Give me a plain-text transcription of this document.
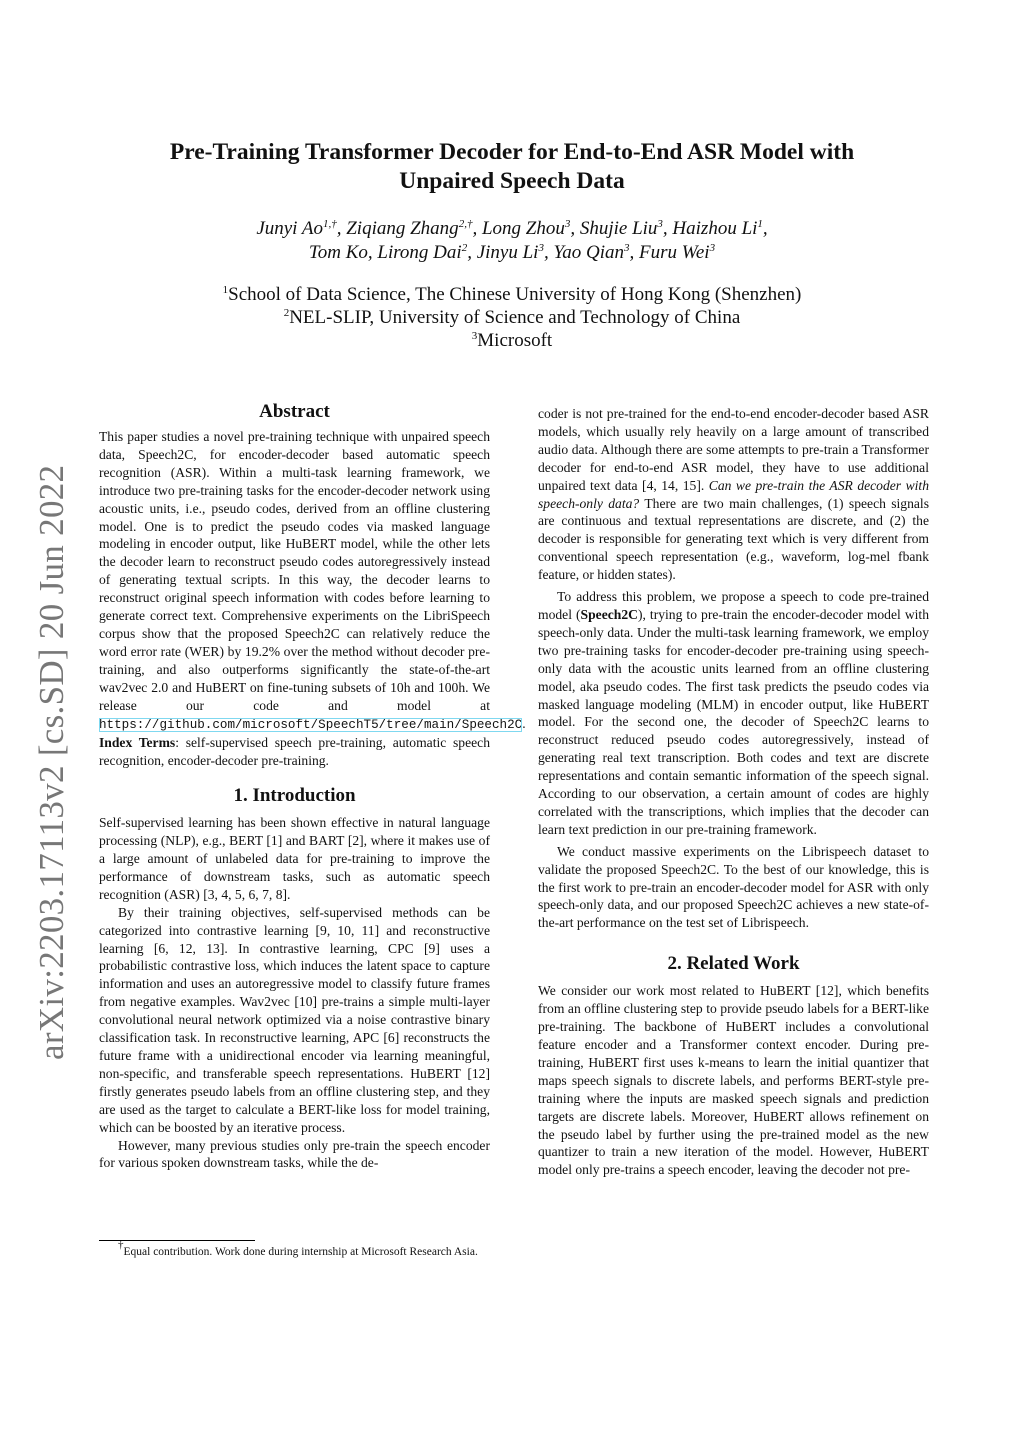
arXiv:2203.17113v2 [cs.SD] 20 Jun 2022
Pre-Training Transformer Decoder for End-to-End ASR Model with
Unpaired Speech Data
Junyi $Ao^{1,\dagger}$, Ziqiang Zhang$^{2,\dagger}$, Long Zhou$^3$, Shujie Liu$^3$, Haizhou Li$^1$,
Tom Ko, Lirong Dai$^2$, Jinyu Li$^3$, Yao Qian$^3$, Furu Wei$^3$
$^1$School of Data Science, The Chinese University of Hong Kong (Shenzhen)
$^2$NEL-SLIP, University of Science and Technology of China
$^3$Microsoft
Abstract

This paper studies a novel pre-training technique with unpaired speech data, Speech2C, for encoder-decoder based automatic speech recognition (ASR). Within a multi-task learning framework, we introduce two pre-training tasks for the encoder-decoder network using acoustic units, i.e., pseudo codes, derived from an offline clustering model. One is to predict the pseudo codes via masked language modeling in encoder output, like HuBERT model, while the other lets the decoder learn to reconstruct pseudo codes autoregressively instead of generating textual scripts. In this way, the decoder learns to reconstruct original speech information with codes before learning to generate correct text. Comprehensive experiments on the LibriSpeech corpus show that the proposed Speech2C can relatively reduce the word error rate (WER) by 19.2% over the method without decoder pre-training, and also outperforms significantly the state-of-the-art wav2vec 2.0 and HuBERT on fine-tuning subsets of 10h and 100h. We release our code and model at https://github.com/microsoft/SpeechT5/tree/main/Speech2C.

Index Terms: self-supervised speech pre-training, automatic speech recognition, encoder-decoder pre-training.

1. Introduction

Self-supervised learning has been shown effective in natural language processing (NLP), e.g., BERT [1] and BART [2], where it makes use of a large amount of unlabeled data for pre-training to improve the performance of downstream tasks, such as automatic speech recognition (ASR) [3, 4, 5, 6, 7, 8].

By their training objectives, self-supervised methods can be categorized into contrastive learning [9, 10, 11] and reconstructive learning [6, 12, 13]. In contrastive learning, CPC [9] uses a probabilistic contrastive loss, which induces the latent space to capture information and uses an autoregressive model to classify future frames from negative examples. Wav2vec [10] pre-trains a simple multi-layer convolutional neural network optimized via a noise contrastive binary classification task. In reconstructive learning, APC [6] reconstructs the future frame with a unidirectional encoder via learning meaningful, non-specific, and transferable speech representations. HuBERT [12] firstly generates pseudo labels from an offline clustering step, and they are used as the target to calculate a BERT-like loss for model training, which can be boosted by an iterative process.

However, many previous studies only pre-train the speech encoder for various spoken downstream tasks, while the de-

†Equal contribution. Work done during internship at Microsoft Research Asia.

coder is not pre-trained for the end-to-end encoder-decoder based ASR models, which usually rely heavily on a large amount of transcribed audio data. Although there are some attempts to pre-train a Transformer decoder for end-to-end ASR model, they have to use additional unpaired text data [4, 14, 15]. Can we pre-train the ASR decoder with speech-only data? There are two main challenges, (1) speech signals are continuous and textual representations are discrete, and (2) the decoder is responsible for generating text which is very different from conventional speech representation (e.g., waveform, log-mel fbank feature, or hidden states).

To address this problem, we propose a speech to code pre-trained model (Speech2C), trying to pre-train the encoder-decoder model with speech-only data. Under the multi-task learning framework, we employ two pre-training tasks for encoder-decoder pre-training using speech-only data with the acoustic units learned from an offline clustering model, aka pseudo codes. The first task predicts the pseudo codes via masked language modeling (MLM) in encoder output, like HuBERT model. For the second one, the decoder of Speech2C learns to reconstruct reduced pseudo codes autoregressively, instead of generating real text transcription. Both codes and text are discrete representations and contain semantic information of the speech signal. According to our observation, a certain amount of codes are highly correlated with the transcriptions, which implies that the decoder can learn text prediction in our pre-training framework.

We conduct massive experiments on the Librispeech dataset to validate the proposed Speech2C. To the best of our knowledge, this is the first work to pre-train an encoder-decoder model for ASR with only speech-only data, and our proposed Speech2C achieves a new state-of-the-art performance on the test set of Librispeech.

2. Related Work

We consider our work most related to HuBERT [12], which benefits from an offline clustering step to provide pseudo labels for a BERT-like pre-training. The backbone of HuBERT includes a convolutional feature encoder and a Transformer context encoder. During pre-training, HuBERT first uses k-means to learn the initial quantizer that maps speech signals to discrete labels, and performs BERT-style pre-training where the inputs are masked speech signals and prediction targets are discrete labels. Moreover, HuBERT allows refinement on the pseudo label by further using the pre-trained model as the new quantizer to train a new iteration of the model. However, HuBERT model only pre-trains a speech encoder, leaving the decoder not pre-
